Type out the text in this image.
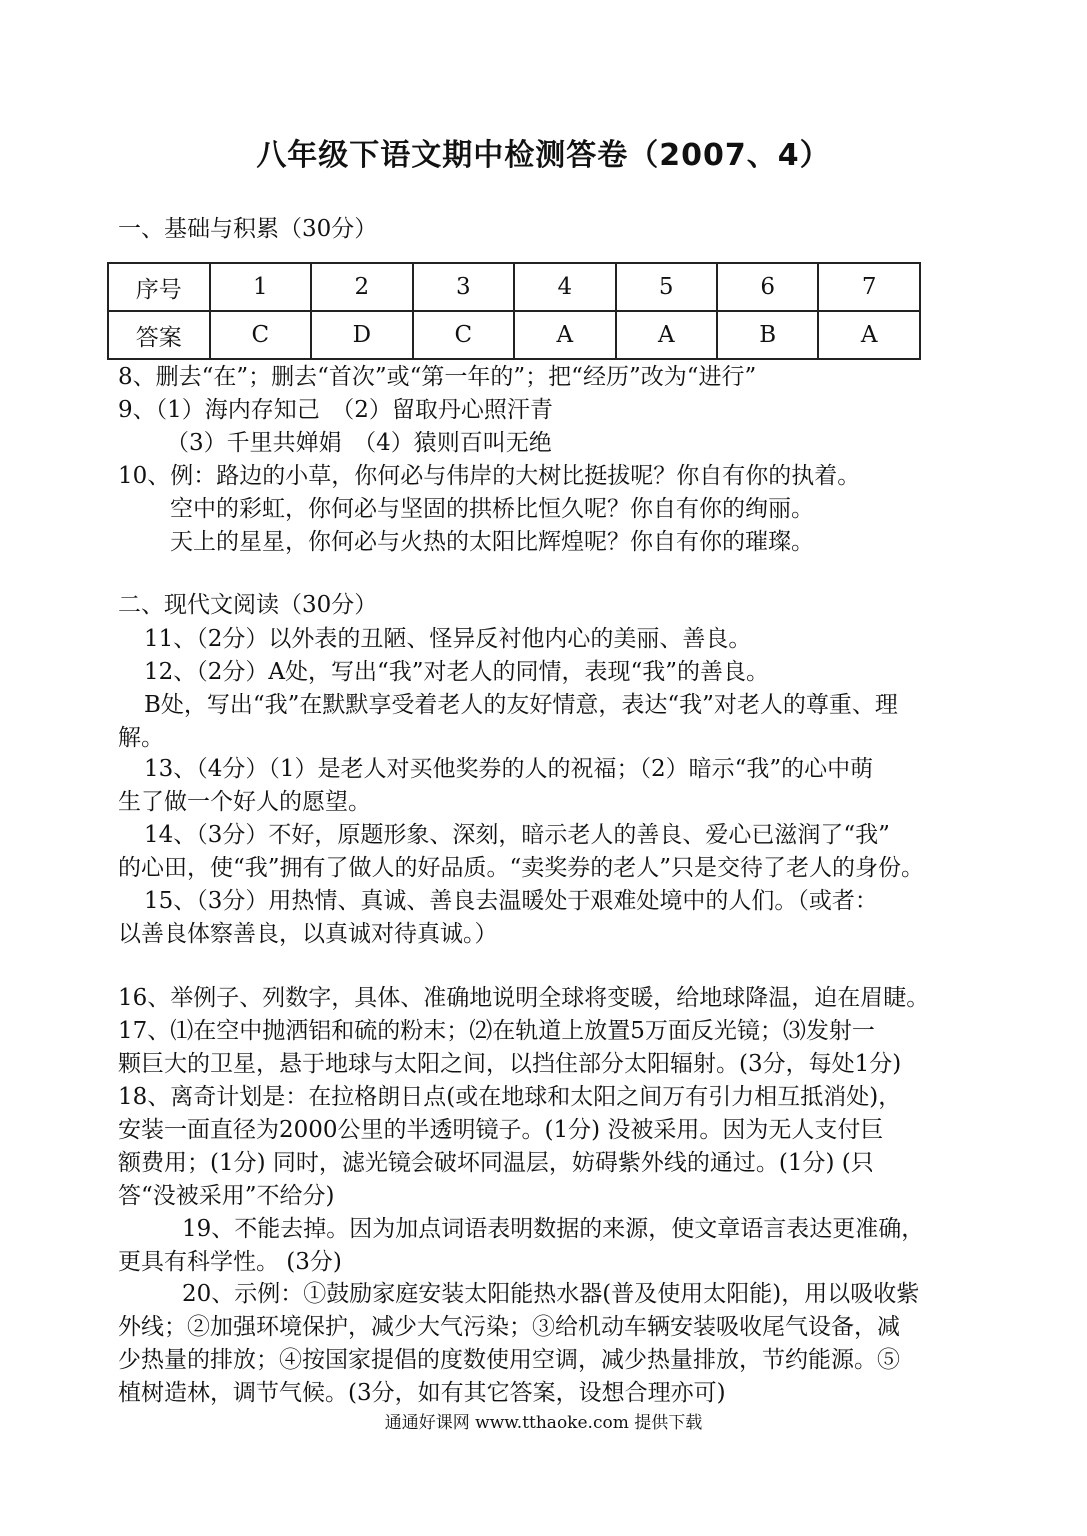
八年级下语文期中检测答卷（2007、4）
一、基础与积累（30分）
序号	1	2	3	4	5	6	7
答案	C	D	C	A	A	B	A
8、删去“在”；删去“首次”或“第一年的”；把“经历”改为“进行”
9、（1）海内存知己　（2）留取丹心照汗青
（3）千里共婵娟　（4）猿则百叫无绝
10、例：路边的小草，你何必与伟岸的大树比挺拔呢？你自有你的执着。
空中的彩虹，你何必与坚固的拱桥比恒久呢？你自有你的绚丽。
天上的星星，你何必与火热的太阳比辉煌呢？你自有你的璀璨。
二、现代文阅读（30分）
11、（2分）以外表的丑陋、怪异反衬他内心的美丽、善良。
12、（2分）A处，写出“我”对老人的同情，表现“我”的善良。
B处，写出“我”在默默享受着老人的友好情意，表达“我”对老人的尊重、理
解。
13、（4分）（1）是老人对买他奖券的人的祝福；（2）暗示“我”的心中萌
生了做一个好人的愿望。
14、（3分）不好，原题形象、深刻，暗示老人的善良、爱心已滋润了“我”
的心田，使“我”拥有了做人的好品质。“卖奖券的老人”只是交待了老人的身份。
15、（3分）用热情、真诚、善良去温暖处于艰难处境中的人们。（或者：
以善良体察善良，以真诚对待真诚。）
16、举例子、列数字，具体、准确地说明全球将变暖，给地球降温，迫在眉睫。
17、⑴在空中抛洒铝和硫的粉末；⑵在轨道上放置5万面反光镜；⑶发射一
颗巨大的卫星，悬于地球与太阳之间，以挡住部分太阳辐射。(3分，每处1分)
18、离奇计划是：在拉格朗日点(或在地球和太阳之间万有引力相互抵消处)，
安装一面直径为2000公里的半透明镜子。(1分) 没被采用。因为无人支付巨
额费用；(1分) 同时，滤光镜会破坏同温层，妨碍紫外线的通过。(1分) (只
答“没被采用”不给分)
19、不能去掉。因为加点词语表明数据的来源，使文章语言表达更准确，
更具有科学性。 (3分)
20、示例：①鼓励家庭安装太阳能热水器(普及使用太阳能)，用以吸收紫
外线；②加强环境保护，减少大气污染；③给机动车辆安装吸收尾气设备，减
少热量的排放；④按国家提倡的度数使用空调，减少热量排放，节约能源。⑤
植树造林，调节气候。(3分，如有其它答案，设想合理亦可)
通通好课网 www.tthaoke.com 提供下载
